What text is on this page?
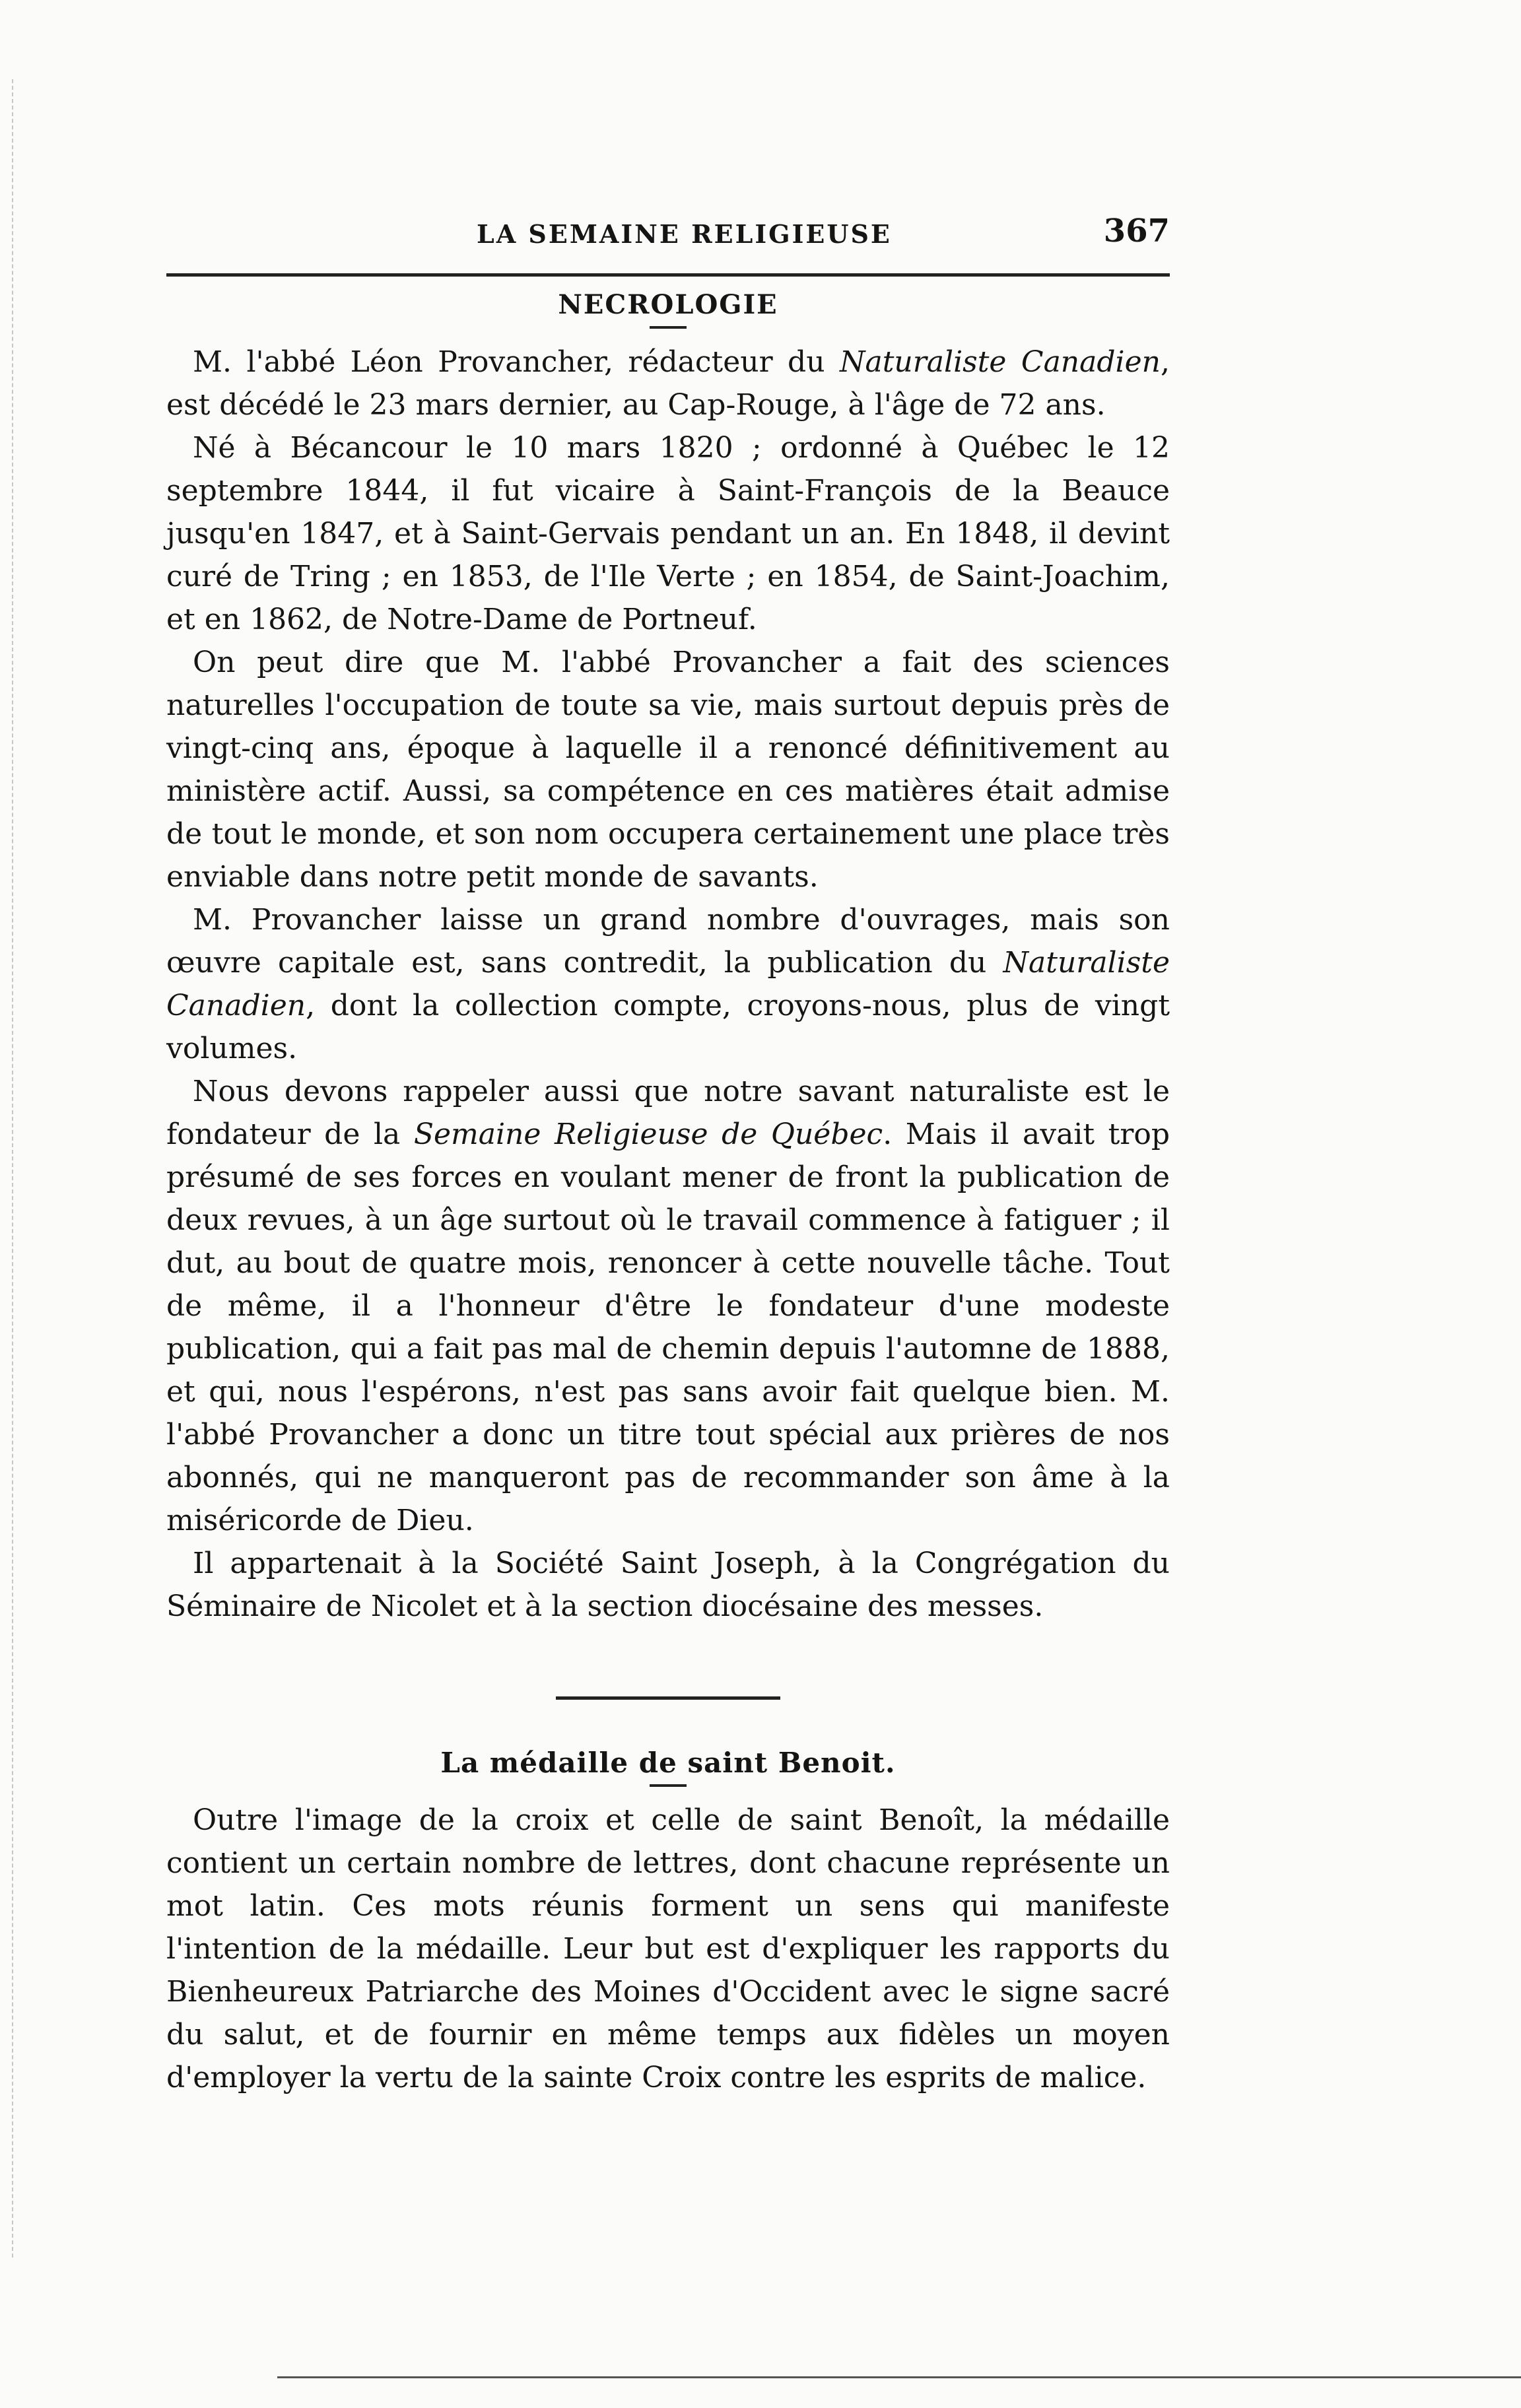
LA SEMAINE RELIGIEUSE	367
NECROLOGIE

M. l'abbé Léon Provancher, rédacteur du Naturaliste Canadien, est décédé le 23 mars dernier, au Cap-Rouge, à l'âge de 72 ans.

Né à Bécancour le 10 mars 1820 ; ordonné à Québec le 12 septembre 1844, il fut vicaire à Saint-François de la Beauce jusqu'en 1847, et à Saint-Gervais pendant un an. En 1848, il devint curé de Tring ; en 1853, de l'Ile Verte ; en 1854, de Saint-Joachim, et en 1862, de Notre-Dame de Portneuf.

On peut dire que M. l'abbé Provancher a fait des sciences naturelles l'occupation de toute sa vie, mais surtout depuis près de vingt-cinq ans, époque à laquelle il a renoncé définitivement au ministère actif. Aussi, sa compétence en ces matières était admise de tout le monde, et son nom occupera certainement une place très enviable dans notre petit monde de savants.

M. Provancher laisse un grand nombre d'ouvrages, mais son œuvre capitale est, sans contredit, la publication du Naturaliste Canadien, dont la collection compte, croyons-nous, plus de vingt volumes.

Nous devons rappeler aussi que notre savant naturaliste est le fondateur de la Semaine Religieuse de Québec. Mais il avait trop présumé de ses forces en voulant mener de front la publication de deux revues, à un âge surtout où le travail commence à fatiguer ; il dut, au bout de quatre mois, renoncer à cette nouvelle tâche. Tout de même, il a l'honneur d'être le fondateur d'une modeste publication, qui a fait pas mal de chemin depuis l'automne de 1888, et qui, nous l'espérons, n'est pas sans avoir fait quelque bien. M. l'abbé Provancher a donc un titre tout spécial aux prières de nos abonnés, qui ne manqueront pas de recommander son âme à la miséricorde de Dieu.

Il appartenait à la Société Saint Joseph, à la Congrégation du Séminaire de Nicolet et à la section diocésaine des messes.

La médaille de saint Benoit.

Outre l'image de la croix et celle de saint Benoît, la médaille contient un certain nombre de lettres, dont chacune représente un mot latin. Ces mots réunis forment un sens qui manifeste l'intention de la médaille. Leur but est d'expliquer les rapports du Bienheureux Patriarche des Moines d'Occident avec le signe sacré du salut, et de fournir en même temps aux fidèles un moyen d'employer la vertu de la sainte Croix contre les esprits de malice.
